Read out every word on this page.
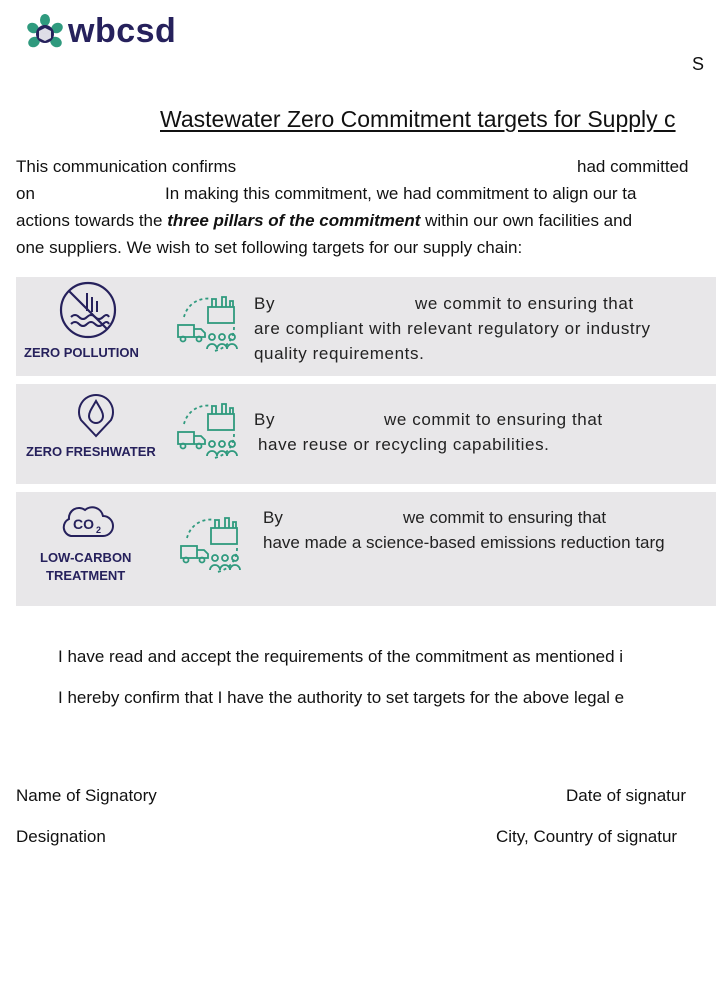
wbcsd
S
Wastewater Zero Commitment targets for Supply c
This communication confirms	had committed
on	In making this commitment, we had commitment to align our ta
actions towards the three pillars of the commitment within our own facilities and
one suppliers. We wish to set following targets for our supply chain:
ZERO POLLUTION
By	we commit to ensuring that
are compliant with relevant regulatory or industry
quality requirements.
ZERO FRESHWATER
By	we commit to ensuring that
have reuse or recycling capabilities.
CO 2
LOW-CARBON
TREATMENT
By	we commit to ensuring that
have made a science-based emissions reduction targ
I have read and accept the requirements of the commitment as mentioned i
I hereby confirm that I have the authority to set targets for the above legal e
Name of Signatory	Date of signatur
Designation	City, Country of signatur
